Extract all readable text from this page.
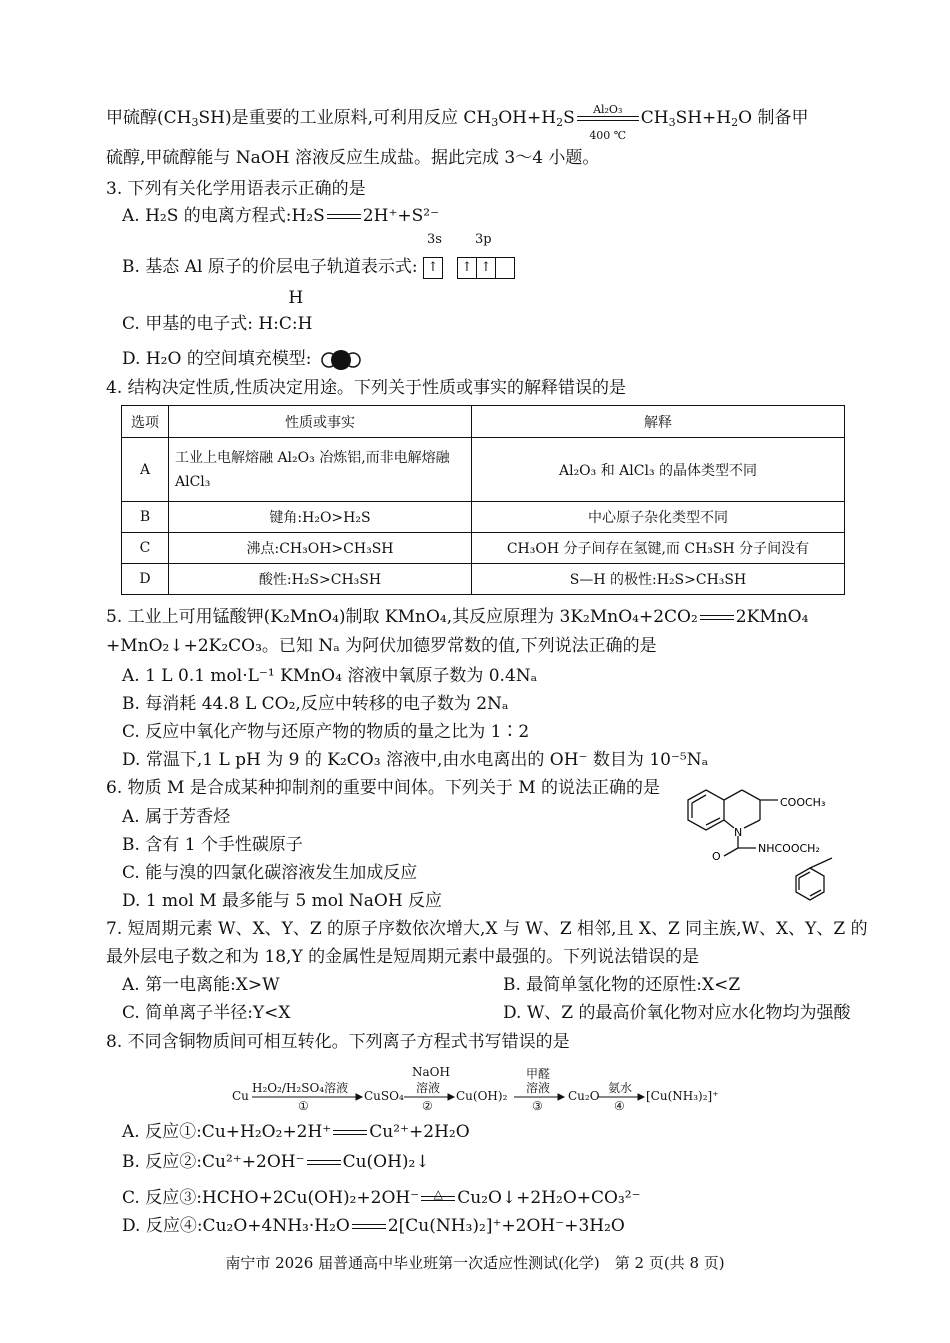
甲硫醇$(CH_3SH)$是重要的工业原料,可利用反应 $CH_3OH+H_2S$	Al₂O₃
400 ℃
$CH_3SH+H_2O$ 制备甲
硫醇,甲硫醇能与 NaOH 溶液反应生成盐。据此完成 3～4 小题。
3. 下列有关化学用语表示正确的是
A. H₂S 的电离方程式:H₂S 2H⁺+S²⁻
B. 基态 Al 原子的价层电子轨道表示式:
3s	3p
↑ ↑ ↑
C. 甲基的电子式:
H
H:C:H
D. H₂O 的空间填充模型:
4. 结构决定性质,性质决定用途。下列关于性质或事实的解释错误的是
选项	性质或事实	解释
A	工业上电解熔融 Al₂O₃ 冶炼铝,而非电解熔融 AlCl₃	Al₂O₃ 和 AlCl₃ 的晶体类型不同
B	键角:H₂O>H₂S	中心原子杂化类型不同
C	沸点:CH₃OH>CH₃SH	CH₃OH 分子间存在氢键,而 CH₃SH 分子间没有
D	酸性:H₂S>CH₃SH	S—H 的极性:H₂S>CH₃SH
5. 工业上可用锰酸钾(K₂MnO₄)制取 KMnO₄,其反应原理为 3K₂MnO₄+2CO₂ 2KMnO₄
+MnO₂↓+2K₂CO₃。已知 Nₐ 为阿伏加德罗常数的值,下列说法正确的是
A. 1 L 0.1 mol·L⁻¹ KMnO₄ 溶液中氧原子数为 0.4Nₐ
B. 每消耗 44.8 L CO₂,反应中转移的电子数为 2Nₐ
C. 反应中氧化产物与还原产物的物质的量之比为 1∶2
D. 常温下,1 L pH 为 9 的 K₂CO₃ 溶液中,由水电离出的 OH⁻ 数目为 10⁻⁵Nₐ
6. 物质 M 是合成某种抑制剂的重要中间体。下列关于 M 的说法正确的是
A. 属于芳香烃
B. 含有 1 个手性碳原子
C. 能与溴的四氯化碳溶液发生加成反应
D. 1 mol M 最多能与 5 mol NaOH 反应
COOCH₃
N
O
NHCOOCH₂
7. 短周期元素 W、X、Y、Z 的原子序数依次增大,X 与 W、Z 相邻,且 X、Z 同主族,W、X、Y、Z 的
最外层电子数之和为 18,Y 的金属性是短周期元素中最强的。下列说法错误的是
A. 第一电离能:X>W	B. 最简单氢化物的还原性:X<Z
C. 简单离子半径:Y<X	D. W、Z 的最高价氧化物对应水化物均为强酸
8. 不同含铜物质间可相互转化。下列离子方程式书写错误的是
Cu
H₂O₂/H₂SO₄溶液
①
CuSO₄
NaOH
溶液
②
Cu(OH)₂
甲醛
溶液
③
Cu₂O
氨水
④
[Cu(NH₃)₂]⁺
A. 反应①:Cu+H₂O₂+2H⁺ Cu²⁺+2H₂O
B. 反应②:Cu²⁺+2OH⁻ Cu(OH)₂↓
C. 反应③:HCHO+2Cu(OH)₂+2OH⁻	△ Cu₂O↓+2H₂O+CO₃²⁻
D. 反应④:Cu₂O+4NH₃·H₂O 2[Cu(NH₃)₂]⁺+2OH⁻+3H₂O
南宁市 2026 届普通高中毕业班第一次适应性测试(化学)　第 2 页(共 8 页)
